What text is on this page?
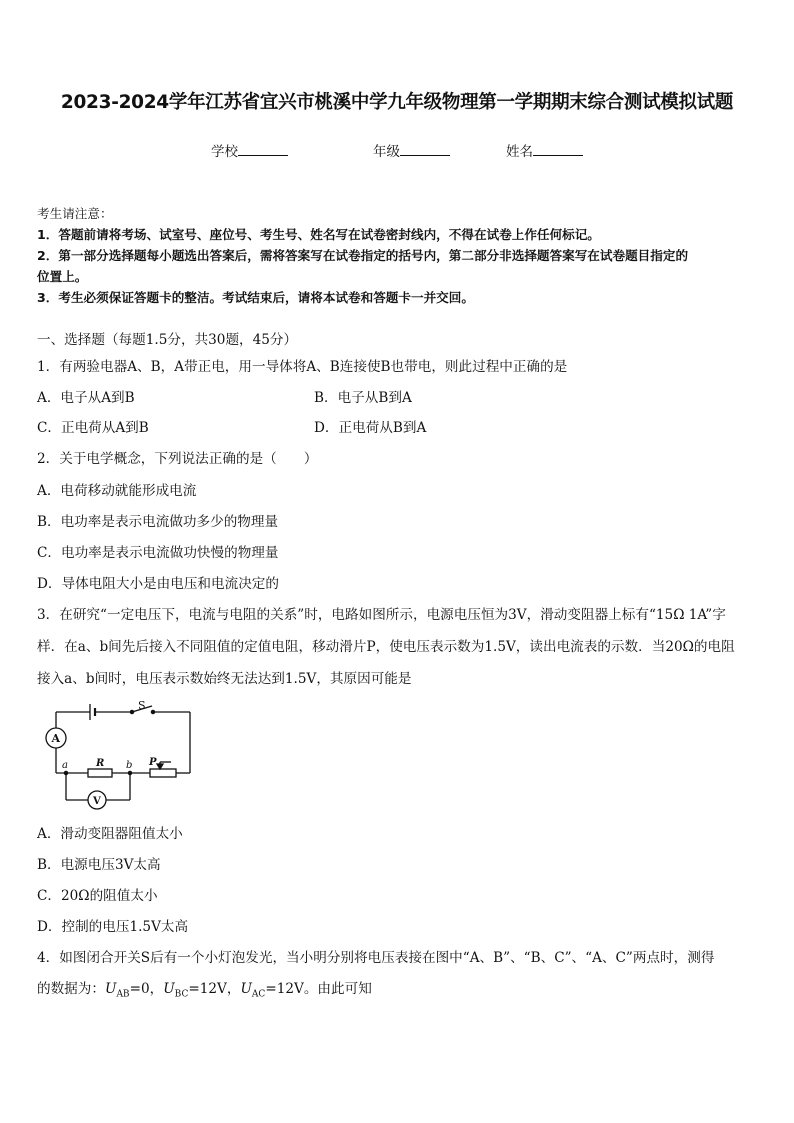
2023-2024学年江苏省宜兴市桃溪中学九年级物理第一学期期末综合测试模拟试题
学校	年级	姓名
考生请注意：
1．答题前请将考场、试室号、座位号、考生号、姓名写在试卷密封线内，不得在试卷上作任何标记。
2．第一部分选择题每小题选出答案后，需将答案写在试卷指定的括号内，第二部分非选择题答案写在试卷题目指定的
位置上。
3．考生必须保证答题卡的整洁。考试结束后，请将本试卷和答题卡一并交回。
一、选择题（每题1.5分，共30题，45分）
1．有两验电器A、B，A带正电，用一导体将A、B连接使B也带电，则此过程中正确的是
A．电子从A到B	B．电子从B到A
C．正电荷从A到B	D．正电荷从B到A
2．关于电学概念，下列说法正确的是（　　）
A．电荷移动就能形成电流
B．电功率是表示电流做功多少的物理量
C．电功率是表示电流做功快慢的物理量
D．导体电阻大小是由电压和电流决定的
3．在研究“一定电压下，电流与电阻的关系”时，电路如图所示，电源电压恒为3V，滑动变阻器上标有“15Ω 1A”字
样．在a、b间先后接入不同阻值的定值电阻，移动滑片P，使电压表示数为1.5V，读出电流表的示数．当20Ω的电阻
接入a、b间时，电压表示数始终无法达到1.5V，其原因可能是
S
A
P
a	R b
V
A．滑动变阻器阻值太小
B．电源电压3V太高
C．20Ω的阻值太小
D．控制的电压1.5V太高
4．如图闭合开关S后有一个小灯泡发光，当小明分别将电压表接在图中“A、B”、“B、C”、“A、C”两点时，测得
的数据为：$U_{AB}=0$，$U_{BC}=12V$，$U_{AC}=12V$。由此可知
